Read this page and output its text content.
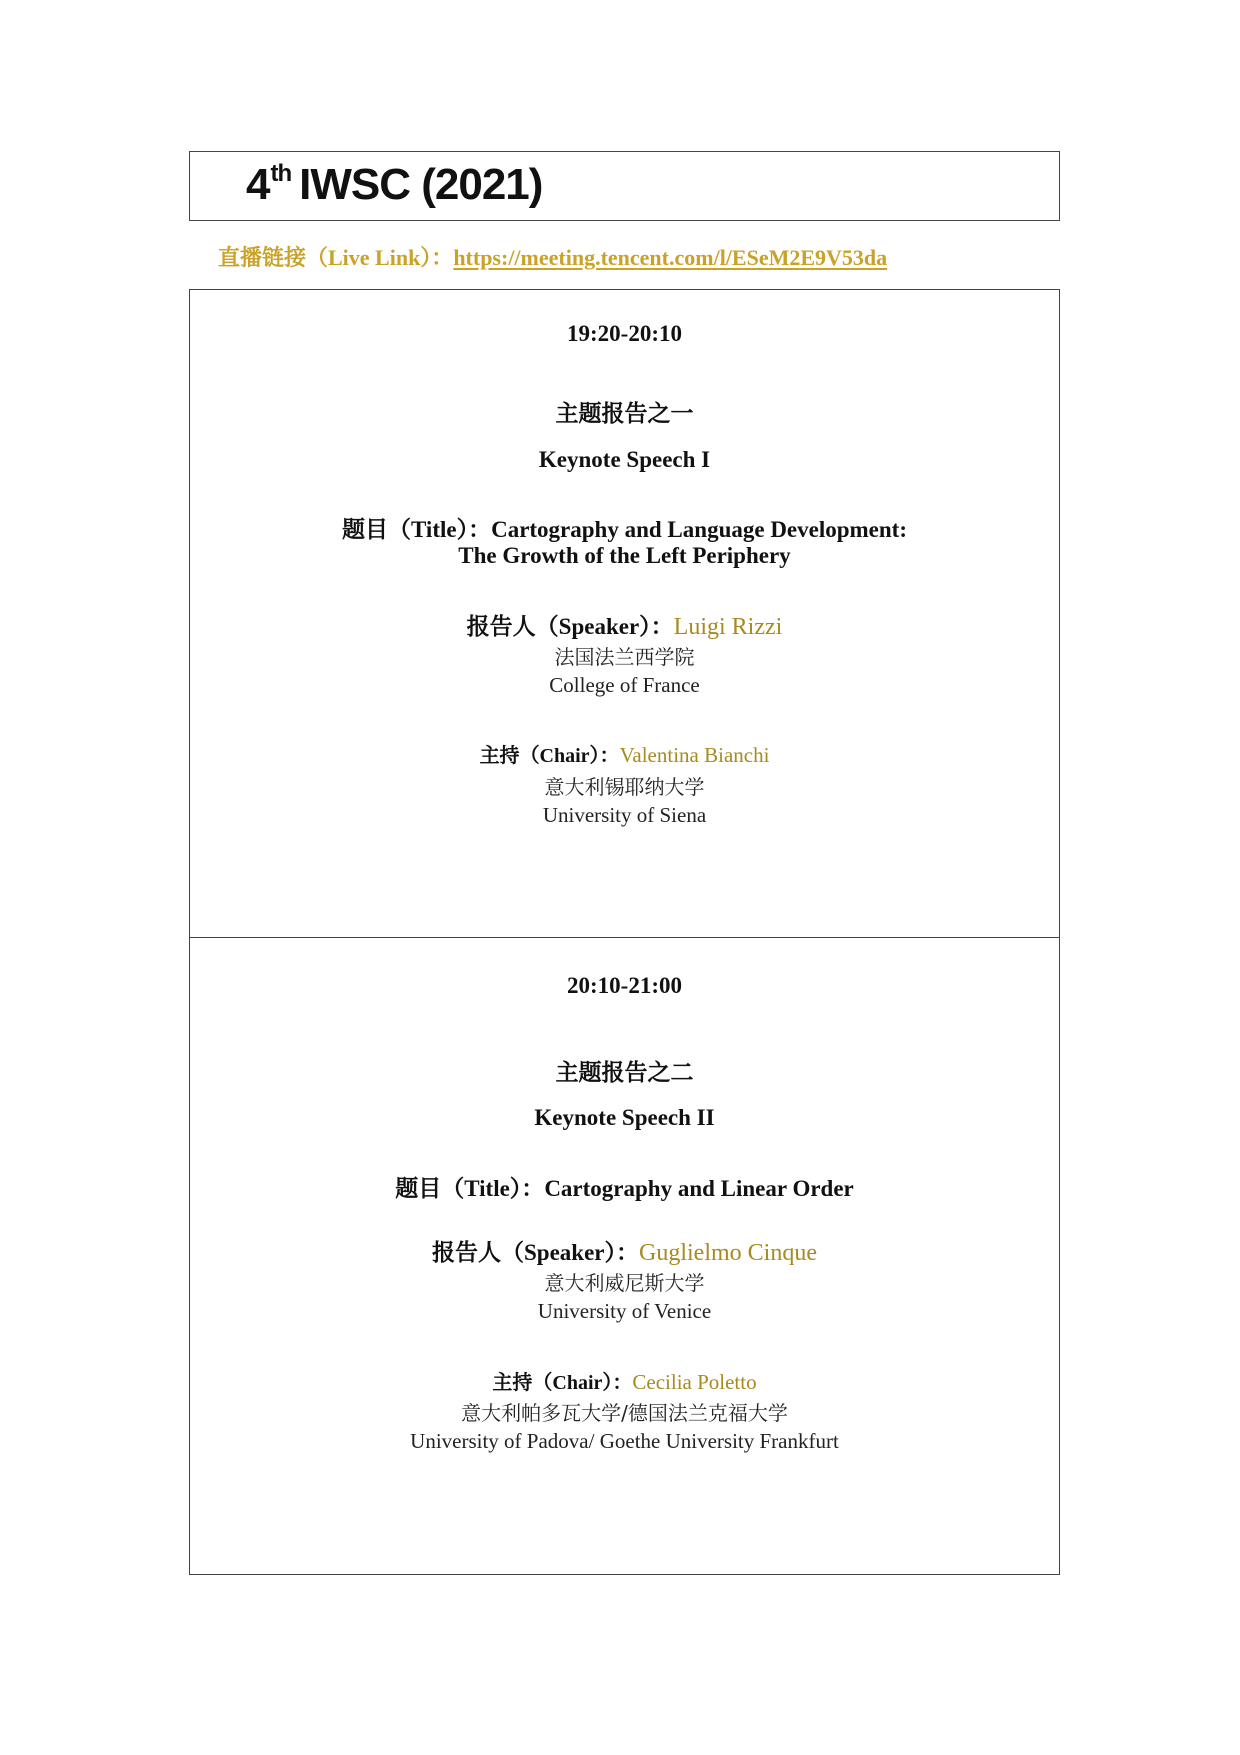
4th IWSC (2021)
直播链接（Live Link）：https://meeting.tencent.com/l/ESeM2E9V53da
19:20-20:10
主题报告之一
Keynote Speech I
题目（Title）：Cartography and Language Development:
The Growth of the Left Periphery
报告人（Speaker）：Luigi Rizzi
法国法兰西学院
College of France
主持（Chair）：Valentina Bianchi
意大利锡耶纳大学
University of Siena
20:10-21:00
主题报告之二
Keynote Speech II
题目（Title）：Cartography and Linear Order
报告人（Speaker）：Guglielmo Cinque
意大利威尼斯大学
University of Venice
主持（Chair）：Cecilia Poletto
意大利帕多瓦大学/德国法兰克福大学
University of Padova/ Goethe University Frankfurt
